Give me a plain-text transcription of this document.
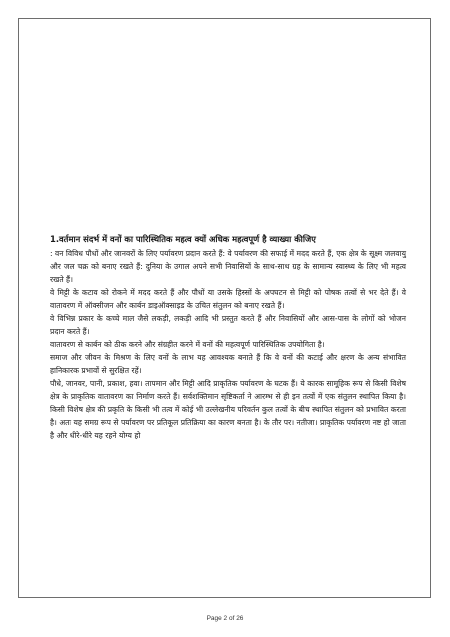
1.वर्तमान संदर्भ में वनों का पारिस्थितिक महत्व क्यों अधिक महत्वपूर्ण है व्याख्या कीजिए

: वन विविध पौधों और जानवरों के लिए पर्यावरण प्रदान करते हैं: वे पर्यावरण की सफाई में मदद करते हैं, एक क्षेत्र के सूक्ष्म जलवायु और जल चक्र को बनाए रखते हैं: दुनिया के उगाल अपने सभी निवासियों के साथ-साथ ग्रह के सामान्य स्वास्थ्य के लिए भी महत्व रखते हैं।

वे मिट्टी के कटाव को रोकने में मदद करते हैं और पौधों या उसके हिस्सों के अपघटन से मिट्टी को पोषक तत्वों से भर देते हैं। वे वातावरण में ऑक्सीजन और कार्बन डाइऑक्साइड के उचित संतुलन को बनाए रखते हैं।

वे विभिन्न प्रकार के कच्चे माल जैसे लकड़ी, लकड़ी आदि भी प्रस्तुत करते हैं और निवासियों और आस-पास के लोगों को भोजन प्रदान करते हैं।

वातावरण से कार्बन को ठीक करने और संग्रहीत करने में वनों की महत्वपूर्ण पारिस्थितिक उपयोगिता है।

समाज और जीवन के मिश्रण के लिए वनों के लाभ यह आवश्यक बनाते हैं कि वे वनों की कटाई और क्षरण के अन्य संभावित हानिकारक प्रभावों से सुरक्षित रहें।

पौधे, जानवर, पानी, प्रकाश, हवा। तापमान और मिट्टी आदि प्राकृतिक पर्यावरण के घटक हैं। ये कारक सामूहिक रूप से किसी विशेष क्षेत्र के प्राकृतिक वातावरण का निर्माण करते हैं। सर्वशक्तिमान सृष्टिकर्ता ने आरम्भ से ही इन तत्वों में एक संतुलन स्थापित किया है। किसी विशेष क्षेत्र की प्रकृति के किसी भी तत्व में कोई भी उल्लेखनीय परिवर्तन कुल तत्वों के बीच स्थापित संतुलन को प्रभावित करता है। अतः यह समग्र रूप से पर्यावरण पर प्रतिकूल प्रतिक्रिया का कारण बनता है। के तौर पर। नतीजा। प्राकृतिक पर्यावरण नष्ट हो जाता है और धीरे-धीरे यह रहने योग्य हो

Page 2 of 26
